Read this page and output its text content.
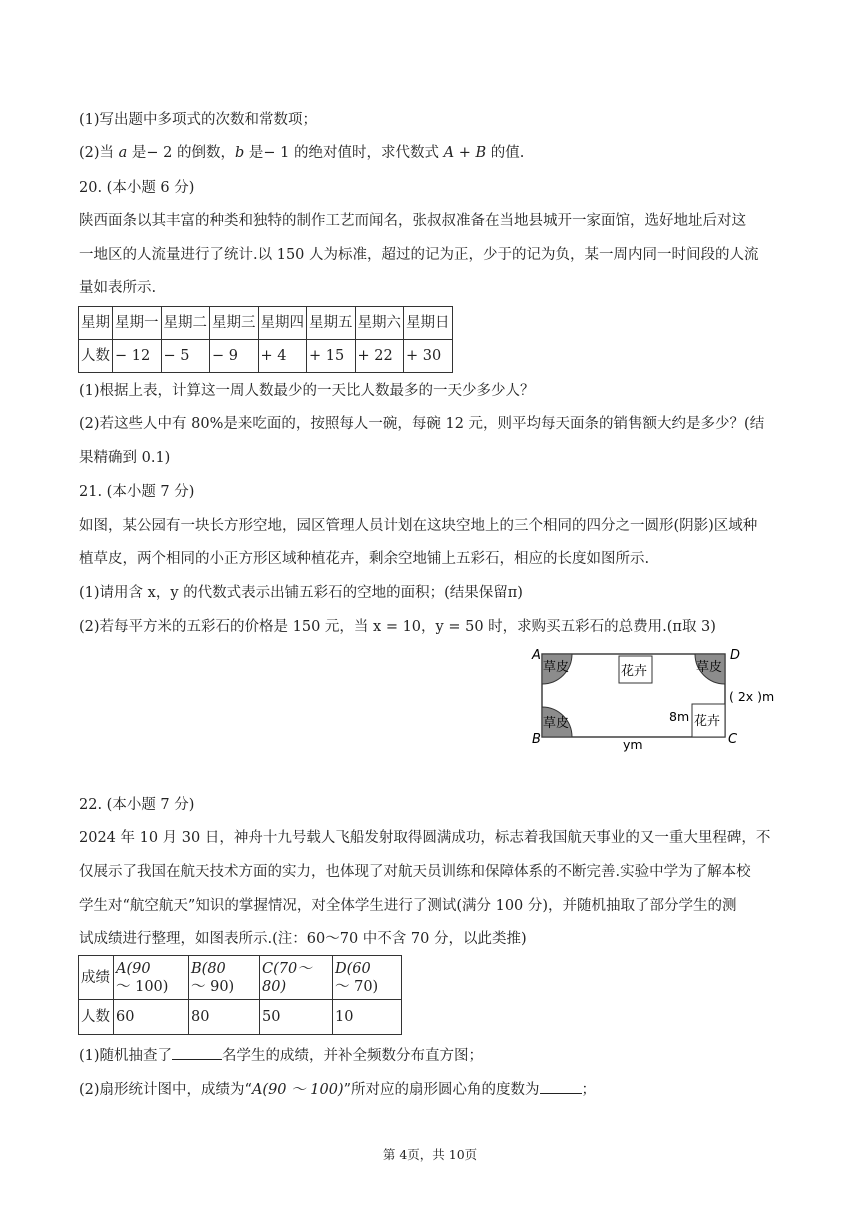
(1)写出题中多项式的次数和常数项；
(2)当 a 是− 2 的倒数，b 是− 1 的绝对值时，求代数式 A + B 的值.
20. (本小题 6 分)
陕西面条以其丰富的种类和独特的制作工艺而闻名，张叔叔准备在当地县城开一家面馆，选好地址后对这
一地区的人流量进行了统计.以 150 人为标准，超过的记为正，少于的记为负，某一周内同一时间段的人流
量如表所示.
星期	星期一	星期二	星期三	星期四	星期五	星期六	星期日
人数	− 12	− 5	− 9	+ 4	+ 15	+ 22	+ 30
(1)根据上表，计算这一周人数最少的一天比人数最多的一天少多少人？
(2)若这些人中有 80%是来吃面的，按照每人一碗，每碗 12 元，则平均每天面条的销售额大约是多少？(结
果精确到 0.1)
21. (本小题 7 分)
如图，某公园有一块长方形空地，园区管理人员计划在这块空地上的三个相同的四分之一圆形(阴影)区域种
植草皮，两个相同的小正方形区域种植花卉，剩余空地铺上五彩石，相应的长度如图所示.
(1)请用含 x，y 的代数式表示出铺五彩石的空地的面积；(结果保留π)
(2)若每平方米的五彩石的价格是 150 元，当 x = 10，y = 50 时，求购买五彩石的总费用.(π取 3)
A
B	C
D
草皮
草皮
草皮
花卉
花卉
( 2x )m
8m
ym
22. (本小题 7 分)
2024 年 10 月 30 日，神舟十九号载人飞船发射取得圆满成功，标志着我国航天事业的又一重大里程碑，不
仅展示了我国在航天技术方面的实力，也体现了对航天员训练和保障体系的不断完善.实验中学为了解本校
学生对“航空航天”知识的掌握情况，对全体学生进行了测试(满分 100 分)，并随机抽取了部分学生的测
试成绩进行整理，如图表所示.(注：60～70 中不含 70 分，以此类推)
成绩	A(90
～ 100)	B(80
～ 90)	C(70～80)	D(60
～ 70)
人数	60	80	50	10
(1)随机抽查了	名学生的成绩，并补全频数分布直方图；
(2)扇形统计图中，成绩为“A(90 ～ 100)”所对应的扇形圆心角的度数为	；
第 4页，共 10页
